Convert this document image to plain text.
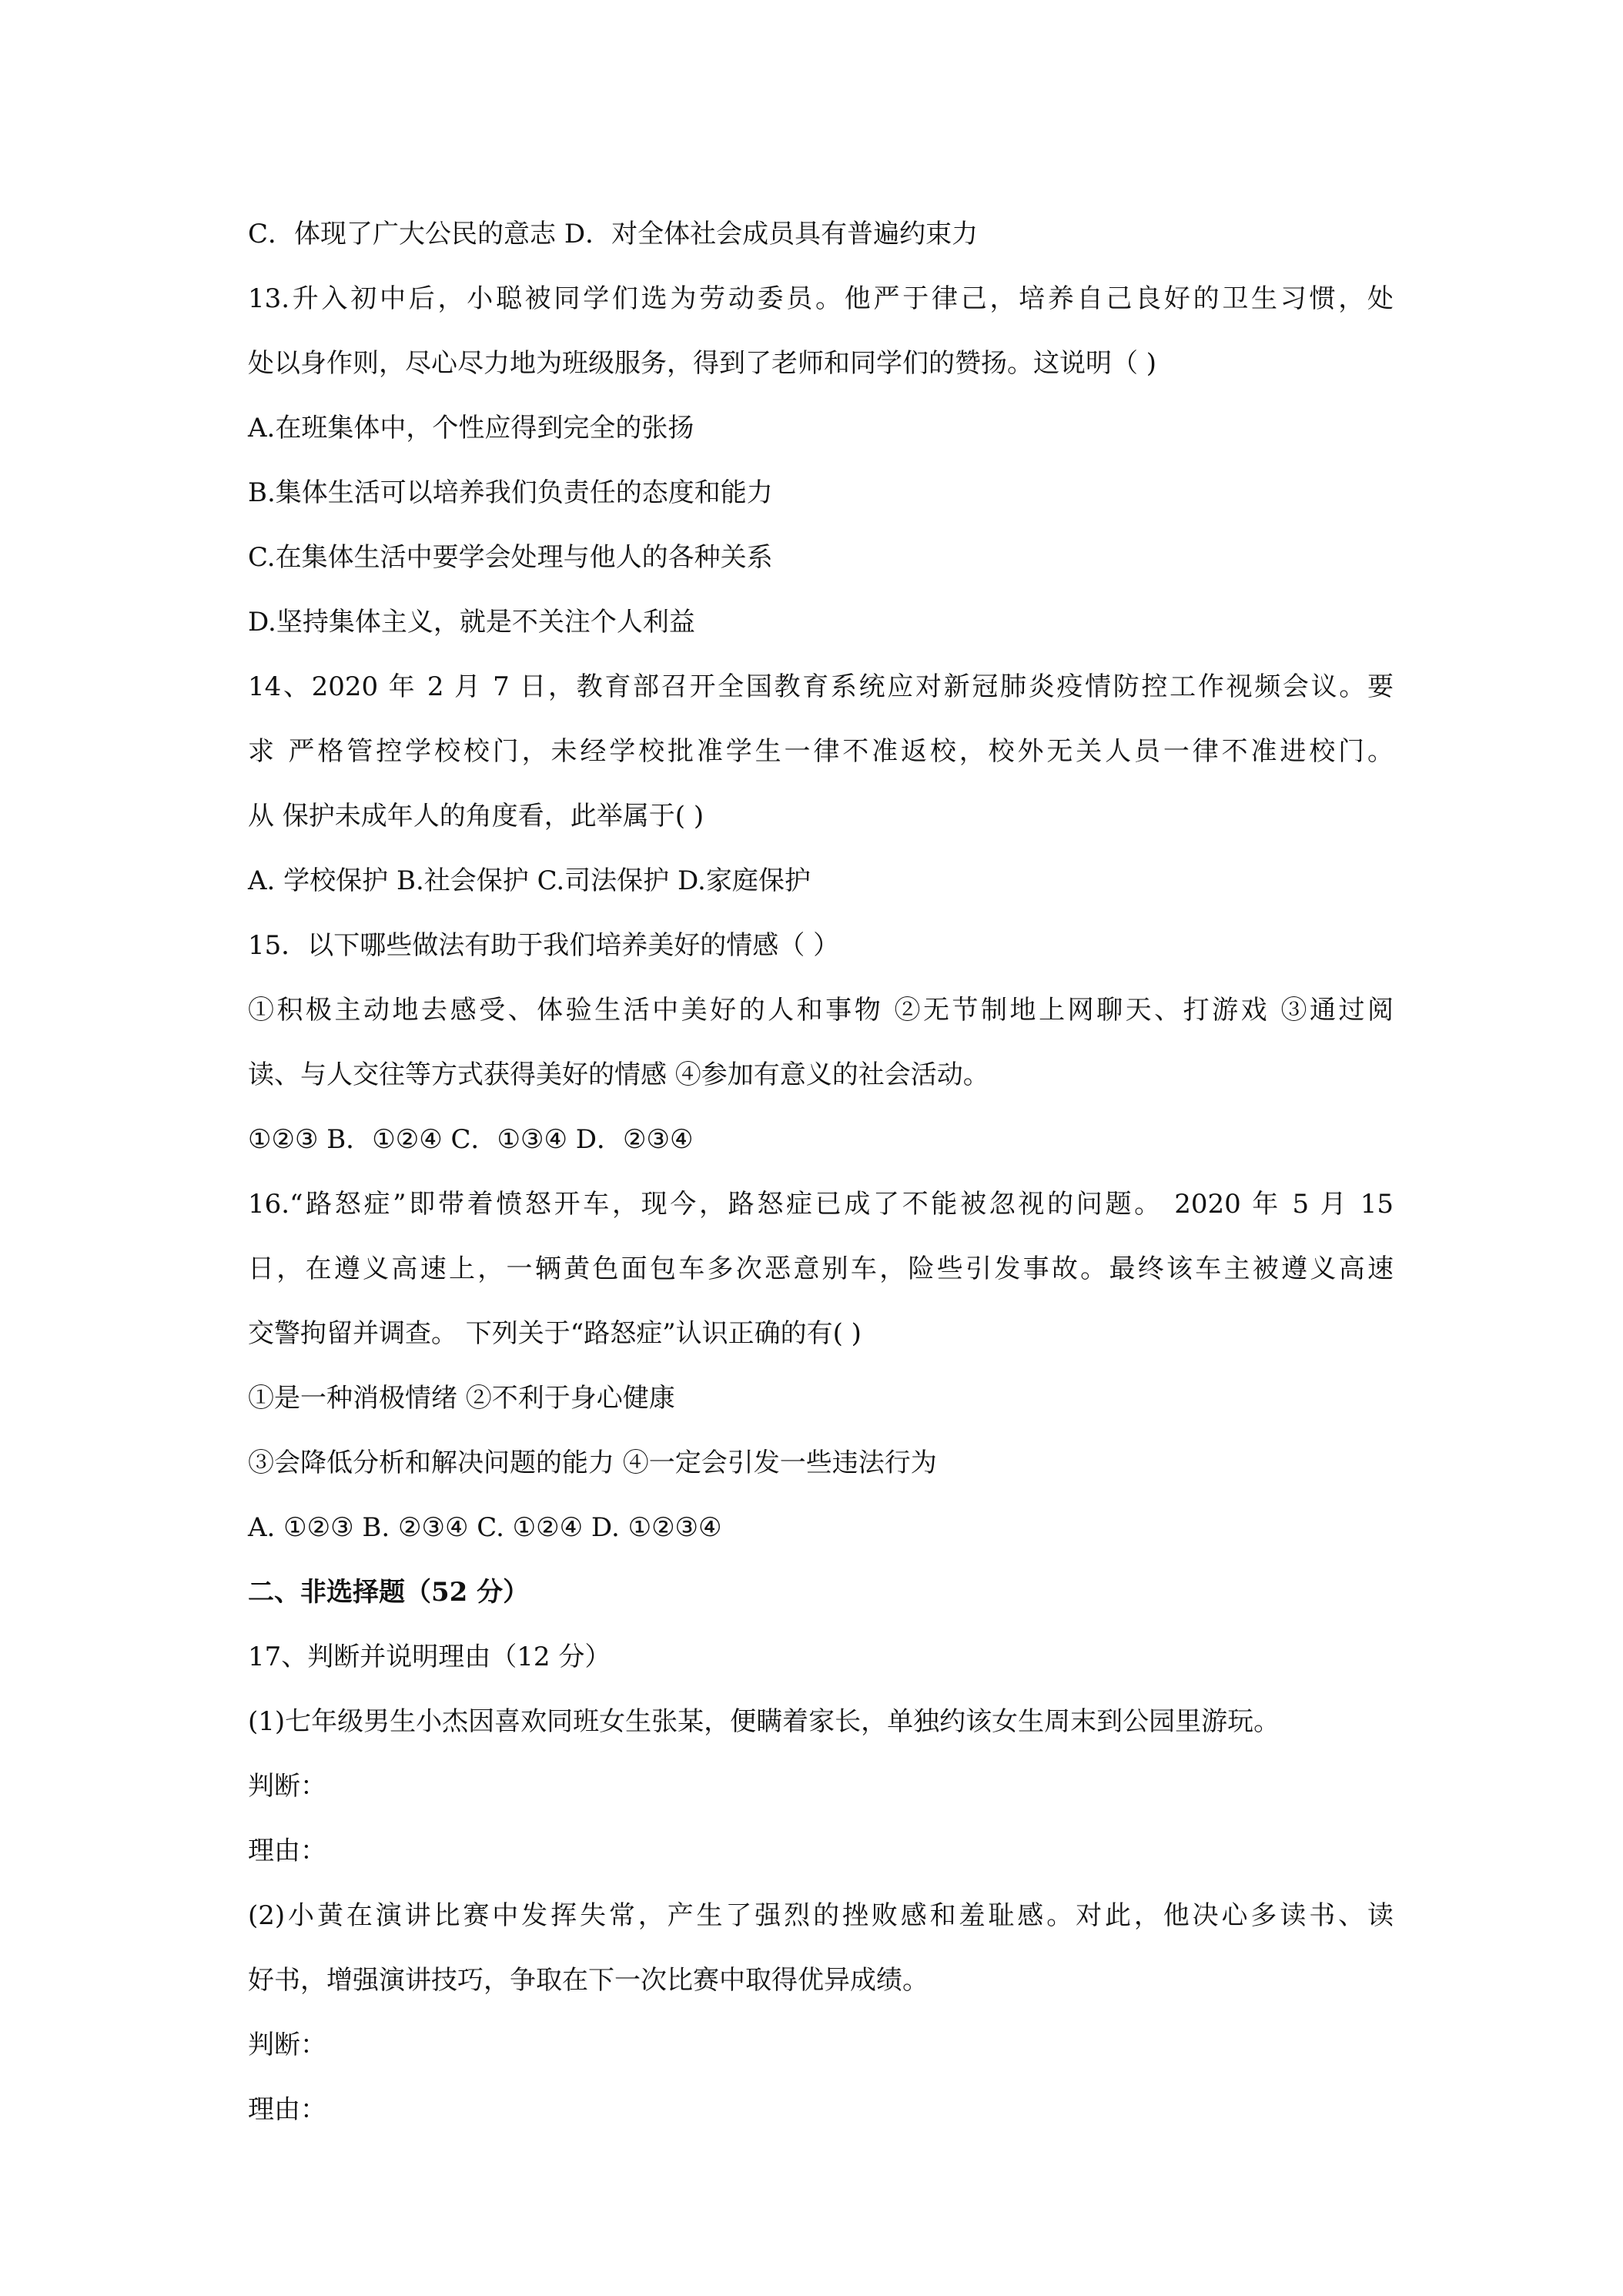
C．体现了广大公民的意志 D．对全体社会成员具有普遍约束力

13.升入初中后，小聪被同学们选为劳动委员。他严于律己，培养自己良好的卫生习惯，处

处以身作则，尽心尽力地为班级服务，得到了老师和同学们的赞扬。这说明（ )

A.在班集体中，个性应得到完全的张扬

B.集体生活可以培养我们负责任的态度和能力

C.在集体生活中要学会处理与他人的各种关系

D.坚持集体主义，就是不关注个人利益

14、2020 年 2 月 7 日，教育部召开全国教育系统应对新冠肺炎疫情防控工作视频会议。要

求 严格管控学校校门，未经学校批准学生一律不准返校，校外无关人员一律不准进校门。

从 保护未成年人的角度看，此举属于( )

A. 学校保护 B.社会保护 C.司法保护 D.家庭保护

15．以下哪些做法有助于我们培养美好的情感（ ）

①积极主动地去感受、体验生活中美好的人和事物 ②无节制地上网聊天、打游戏 ③通过阅

读、与人交往等方式获得美好的情感 ④参加有意义的社会活动。

①②③ B．①②④ C．①③④ D．②③④

16.“路怒症”即带着愤怒开车，现今，路怒症已成了不能被忽视的问题。 2020 年 5 月 15

日，在遵义高速上，一辆黄色面包车多次恶意别车，险些引发事故。最终该车主被遵义高速

交警拘留并调查。 下列关于“路怒症”认识正确的有( )

①是一种消极情绪 ②不利于身心健康

③会降低分析和解决问题的能力 ④一定会引发一些违法行为

A. ①②③ B. ②③④ C. ①②④ D. ①②③④

二、非选择题（52 分）

17、判断并说明理由（12 分）

(1)七年级男生小杰因喜欢同班女生张某，便瞒着家长，单独约该女生周末到公园里游玩。

判断：

理由：

(2)小黄在演讲比赛中发挥失常，产生了强烈的挫败感和羞耻感。对此，他决心多读书、读

好书，增强演讲技巧，争取在下一次比赛中取得优异成绩。

判断：

理由：
